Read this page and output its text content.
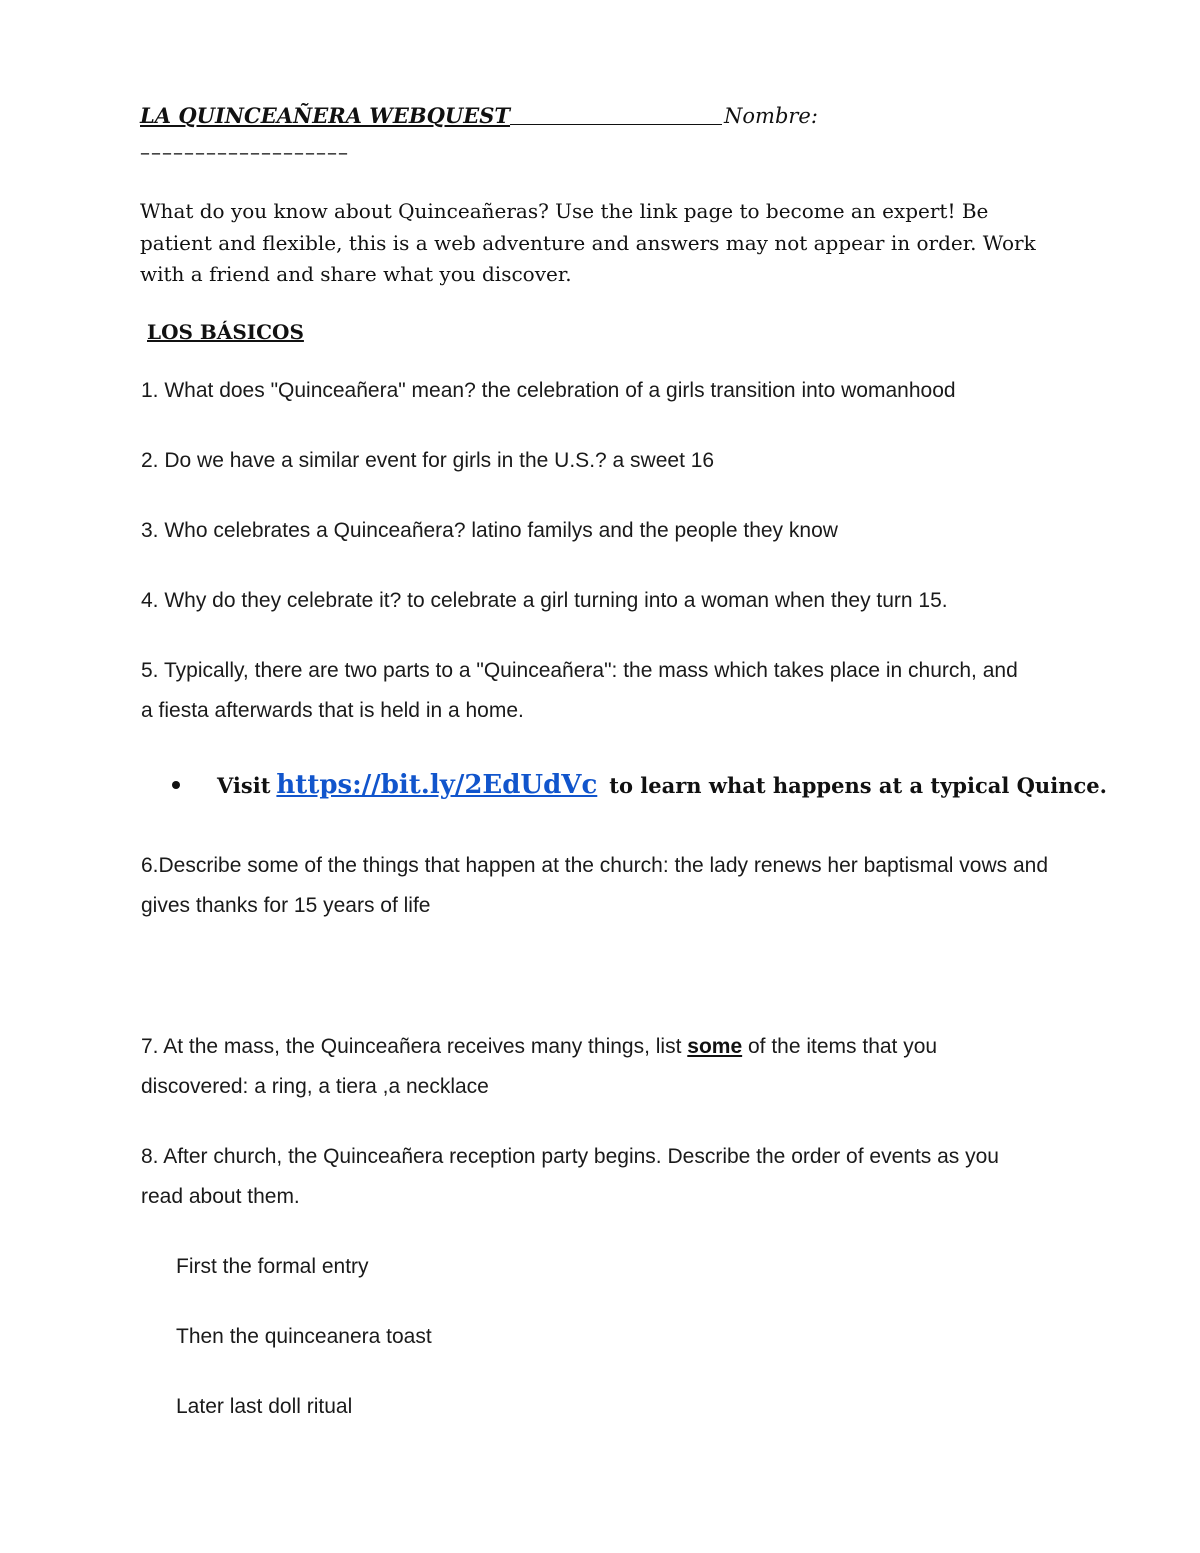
LA QUINCEAÑERA WEBQUEST	Nombre:
–––––––––––––––––––
What do you know about Quinceañeras? Use the link page to become an expert! Be patient and flexible, this is a web adventure and answers may not appear in order. Work with a friend and share what you discover.
LOS BÁSICOS
1. What does "Quinceañera" mean? the celebration of a girls transition into womanhood
2. Do we have a similar event for girls in the U.S.? a sweet 16
3. Who celebrates a Quinceañera? latino familys and the people they know
4. Why do they celebrate it? to celebrate a girl turning into a woman when they turn 15.
5. Typically, there are two parts to a "Quinceañera": the mass which takes place in church, and a fiesta afterwards that is held in a home.
Visit https://bit.ly/2EdUdVc to learn what happens at a typical Quince.
6.Describe some of the things that happen at the church: the lady renews her baptismal vows and gives thanks for 15 years of life
7. At the mass, the Quinceañera receives many things, list some of the items that you discovered: a ring, a tiera ,a necklace
8. After church, the Quinceañera reception party begins. Describe the order of events as you read about them.
First the formal entry
Then the quinceanera toast
Later last doll ritual
